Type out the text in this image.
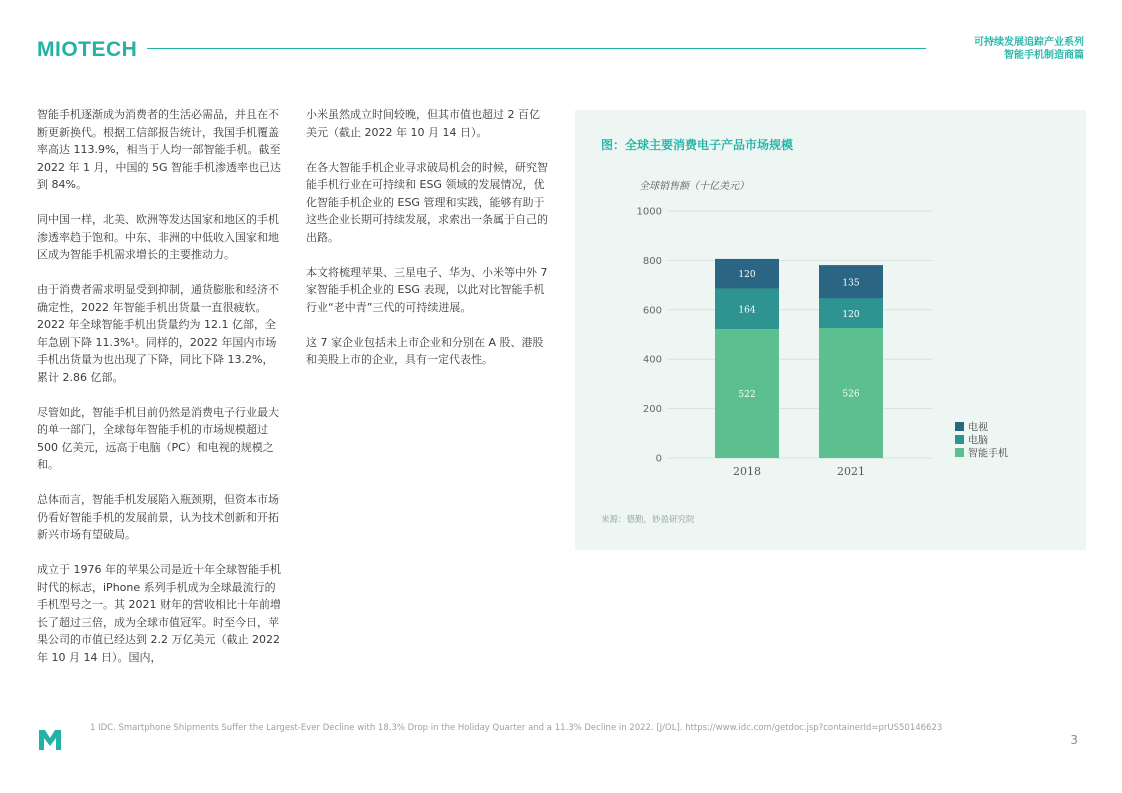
MIOTECH	可持续发展追踪产业系列
智能手机制造商篇

智能手机逐渐成为消费者的生活必需品，并且在不断更新换代。根据工信部报告统计，我国手机覆盖率高达 113.9%，相当于人均一部智能手机。截至 2022 年 1 月，中国的 5G 智能手机渗透率也已达到 84%。

同中国一样，北美、欧洲等发达国家和地区的手机渗透率趋于饱和。中东、非洲的中低收入国家和地区成为智能手机需求增长的主要推动力。

由于消费者需求明显受到抑制，通货膨胀和经济不确定性，2022 年智能手机出货量一直很疲软。2022 年全球智能手机出货量约为 12.1 亿部，全年急剧下降 11.3%¹。同样的，2022 年国内市场手机出货量为也出现了下降，同比下降 13.2%，累计 2.86 亿部。

尽管如此，智能手机目前仍然是消费电子行业最大的单一部门，全球每年智能手机的市场规模超过 500 亿美元，远高于电脑（PC）和电视的规模之和。

总体而言，智能手机发展陷入瓶颈期，但资本市场仍看好智能手机的发展前景，认为技术创新和开拓新兴市场有望破局。

成立于 1976 年的苹果公司是近十年全球智能手机时代的标志，iPhone 系列手机成为全球最流行的手机型号之一。其 2021 财年的营收相比十年前增长了超过三倍，成为全球市值冠军。时至今日，苹果公司的市值已经达到 2.2 万亿美元（截止 2022 年 10 月 14 日）。国内，

小米虽然成立时间较晚，但其市值也超过 2 百亿美元（截止 2022 年 10 月 14 日）。

在各大智能手机企业寻求破局机会的时候，研究智能手机行业在可持续和 ESG 领域的发展情况，优化智能手机企业的 ESG 管理和实践，能够有助于这些企业长期可持续发展，求索出一条属于自己的出路。

本文将梳理苹果、三星电子、华为、小米等中外 7 家智能手机企业的 ESG 表现，以此对比智能手机行业“老中青”三代的可持续进展。

这 7 家企业包括未上市企业和分别在 A 股、港股和美股上市的企业，具有一定代表性。

图：全球主要消费电子产品市场规模
全球销售额（十亿美元）
0
200
400
600
800
1000
522
164
120
2018
526
120
135
2021
电视
电脑
智能手机
来源：德勤，妙盈研究院
1 IDC. Smartphone Shipments Suffer the Largest-Ever Decline with 18.3% Drop in the Holiday Quarter and a 11.3% Decline in 2022. [J/OL]. https://www.idc.com/getdoc.jsp?containerId=prUS50146623
3
